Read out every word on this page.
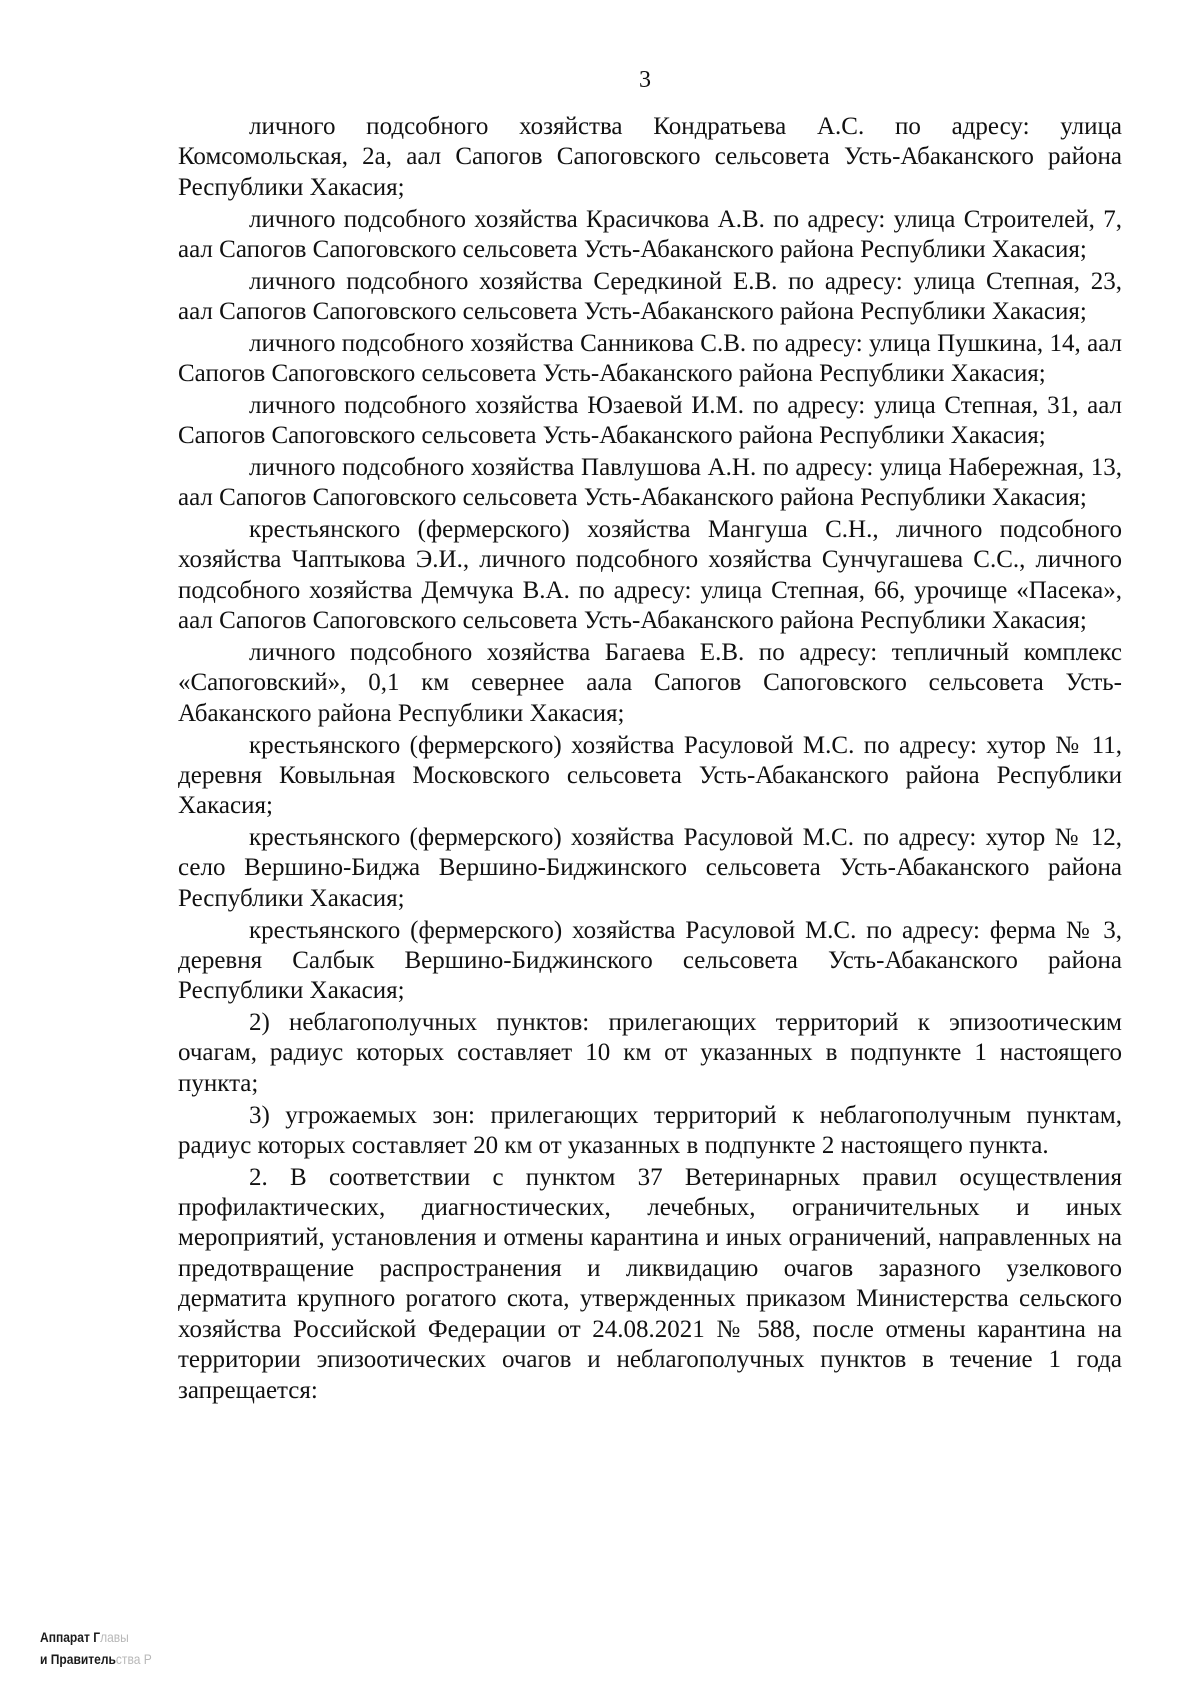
3

личного подсобного хозяйства Кондратьева А.С. по адресу: улица Комсомольская, 2а, аал Сапогов Сапоговского сельсовета Усть-Абаканского района Республики Хакасия;

личного подсобного хозяйства Красичкова А.В. по адресу: улица Строителей, 7, аал Сапогов Сапоговского сельсовета Усть-Абаканского района Республики Хакасия;

личного подсобного хозяйства Середкиной Е.В. по адресу: улица Степная, 23, аал Сапогов Сапоговского сельсовета Усть-Абаканского района Республики Хакасия;

личного подсобного хозяйства Санникова С.В. по адресу: улица Пушкина, 14, аал Сапогов Сапоговского сельсовета Усть-Абаканского района Республики Хакасия;

личного подсобного хозяйства Юзаевой И.М. по адресу: улица Степная, 31, аал Сапогов Сапоговского сельсовета Усть-Абаканского района Республики Хакасия;

личного подсобного хозяйства Павлушова А.Н. по адресу: улица Набережная, 13, аал Сапогов Сапоговского сельсовета Усть-Абаканского района Республики Хакасия;

крестьянского (фермерского) хозяйства Мангуша С.Н., личного подсобного хозяйства Чаптыкова Э.И., личного подсобного хозяйства Сунчугашева С.С., личного подсобного хозяйства Демчука В.А. по адресу: улица Степная, 66, урочище «Пасека», аал Сапогов Сапоговского сельсовета Усть-Абаканского района Республики Хакасия;

личного подсобного хозяйства Багаева Е.В. по адресу: тепличный комплекс «Сапоговский», 0,1 км севернее аала Сапогов Сапоговского сельсовета Усть-Абаканского района Республики Хакасия;

крестьянского (фермерского) хозяйства Расуловой М.С. по адресу: хутор № 11, деревня Ковыльная Московского сельсовета Усть-Абаканского района Республики Хакасия;

крестьянского (фермерского) хозяйства Расуловой М.С. по адресу: хутор № 12, село Вершино-Биджа Вершино-Биджинского сельсовета Усть-Абаканского района Республики Хакасия;

крестьянского (фермерского) хозяйства Расуловой М.С. по адресу: ферма № 3, деревня Салбык Вершино-Биджинского сельсовета Усть-Абаканского района Республики Хакасия;

2) неблагополучных пунктов: прилегающих территорий к эпизоотическим очагам, радиус которых составляет 10 км от указанных в подпункте 1 настоящего пункта;

3) угрожаемых зон: прилегающих территорий к неблагополучным пунктам, радиус которых составляет 20 км от указанных в подпункте 2 настоящего пункта.

2. В соответствии с пунктом 37 Ветеринарных правил осуществления профилактических, диагностических, лечебных, ограничительных и иных мероприятий, установления и отмены карантина и иных ограничений, направленных на предотвращение распространения и ликвидацию очагов заразного узелкового дерматита крупного рогатого скота, утвержденных приказом Министерства сельского хозяйства Российской Федерации от 24.08.2021 № 588, после отмены карантина на территории эпизоотических очагов и неблагополучных пунктов в течение 1 года запрещается:

Аппарат Главы
и Правительства Р
